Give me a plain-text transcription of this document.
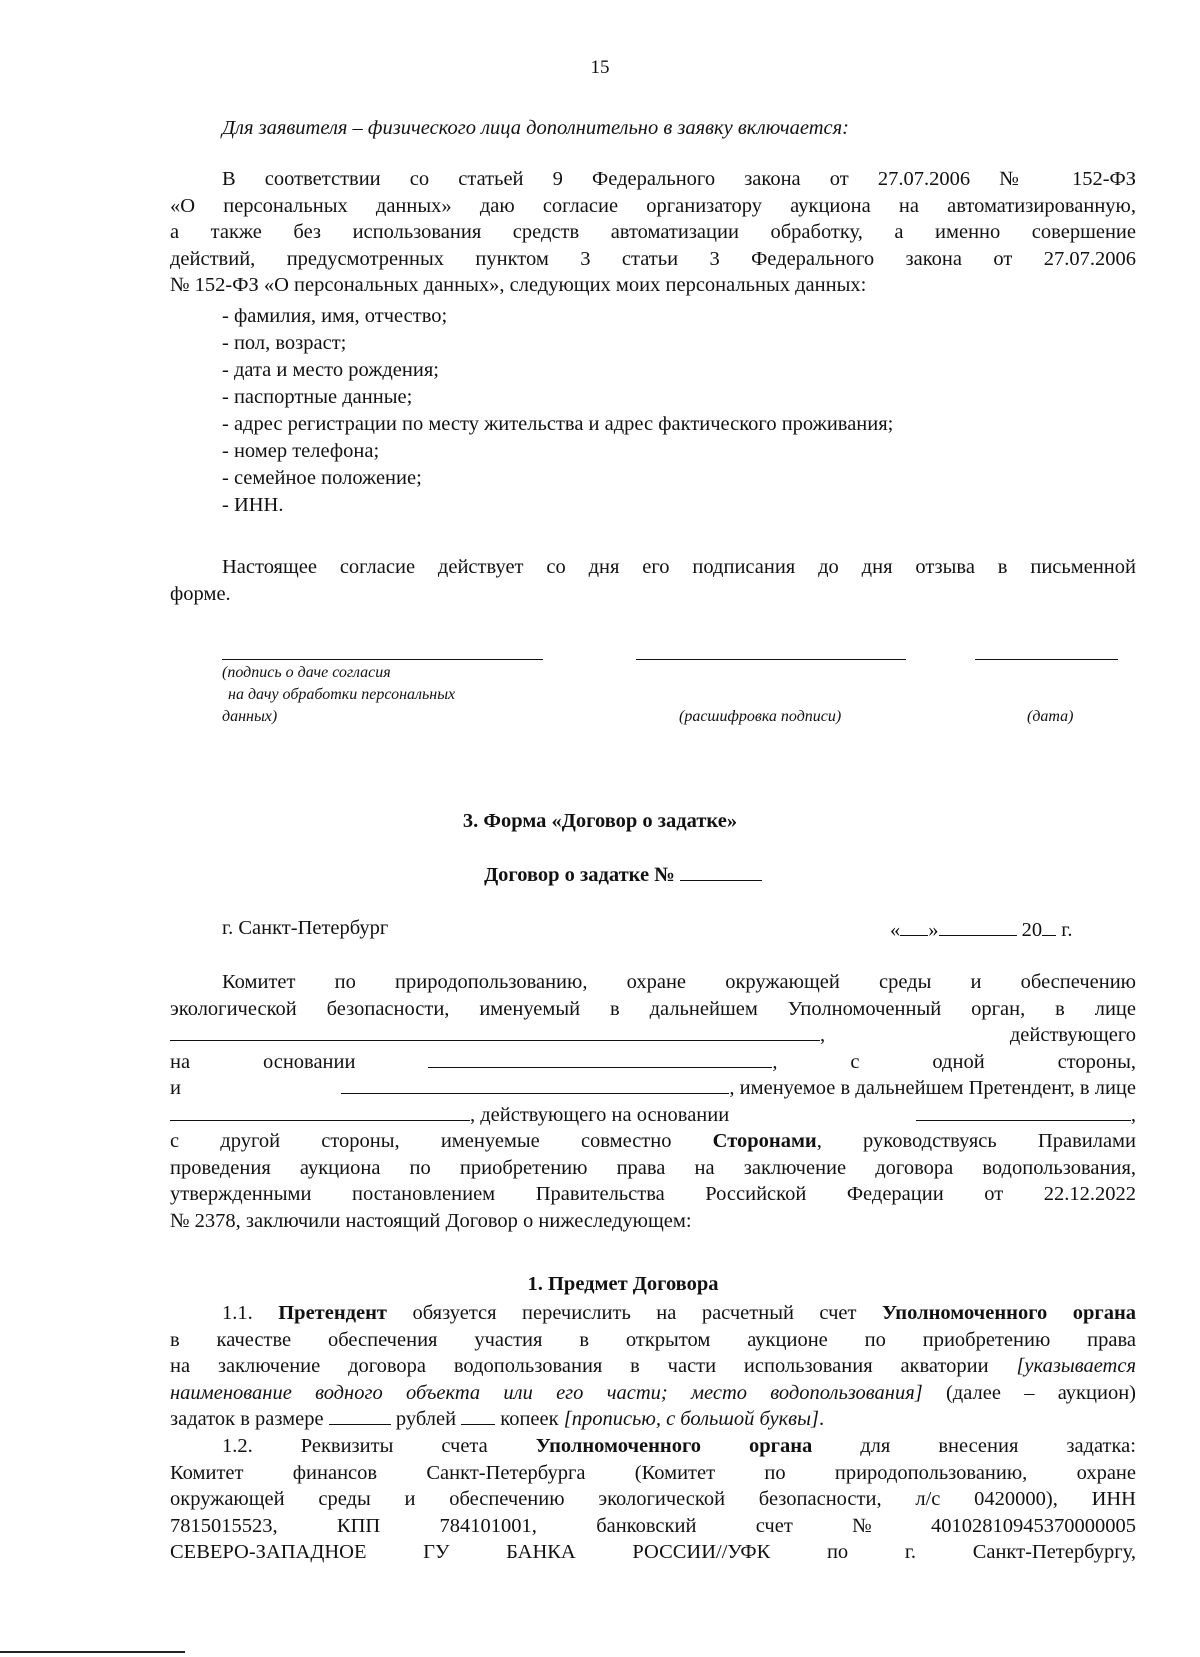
15
Для заявителя – физического лица дополнительно в заявку включается:
В соответствии со статьей 9 Федерального закона от 27.07.2006 № 152-ФЗ
«О персональных данных» даю согласие организатору аукциона на автоматизированную,
а также без использования средств автоматизации обработку, а именно совершение
действий, предусмотренных пунктом 3 статьи 3 Федерального закона от 27.07.2006
№ 152-ФЗ «О персональных данных», следующих моих персональных данных:
- фамилия, имя, отчество;
- пол, возраст;
- дата и место рождения;
- паспортные данные;
- адрес регистрации по месту жительства и адрес фактического проживания;
- номер телефона;
- семейное положение;
- ИНН.
Настоящее согласие действует со дня его подписания до дня отзыва в письменной
форме.
(подпись о даче согласия
на дачу обработки персональных
данных)	(расшифровка подписи)	(дата)
3. Форма «Договор о задатке»
Договор о задатке №
г. Санкт-Петербург	« »	20 г.
Комитет по природопользованию, охране окружающей среды и обеспечению
экологической безопасности, именуемый в дальнейшем Уполномоченный орган, в лице
,	действующего
на	основании	,	с	одной	стороны,
и	, именуемое в дальнейшем Претендент, в лице
, действующего на основании	,
с другой стороны, именуемые совместно Сторонами, руководствуясь Правилами
проведения аукциона по приобретению права на заключение договора водопользования,
утвержденными постановлением Правительства Российской Федерации от 22.12.2022
№ 2378, заключили настоящий Договор о нижеследующем:
1. Предмет Договора
1.1. Претендент обязуется перечислить на расчетный счет Уполномоченного органа
в качестве обеспечения участия в открытом аукционе по приобретению права
на заключение договора водопользования в части использования акватории [указывается
наименование водного объекта или его части; место водопользования] (далее – аукцион)
задаток в размере	рублей  копеек [прописью, с большой буквы].
1.2. Реквизиты счета Уполномоченного органа для внесения задатка:
Комитет финансов Санкт-Петербурга (Комитет по природопользованию, охране
окружающей среды и обеспечению экологической безопасности, л/с 0420000), ИНН
7815015523,	КПП	784101001,	банковский	счет	№	40102810945370000005
СЕВЕРО-ЗАПАДНОЕ	ГУ	БАНКА	РОССИИ//УФК	по	г.	Санкт-Петербургу,
